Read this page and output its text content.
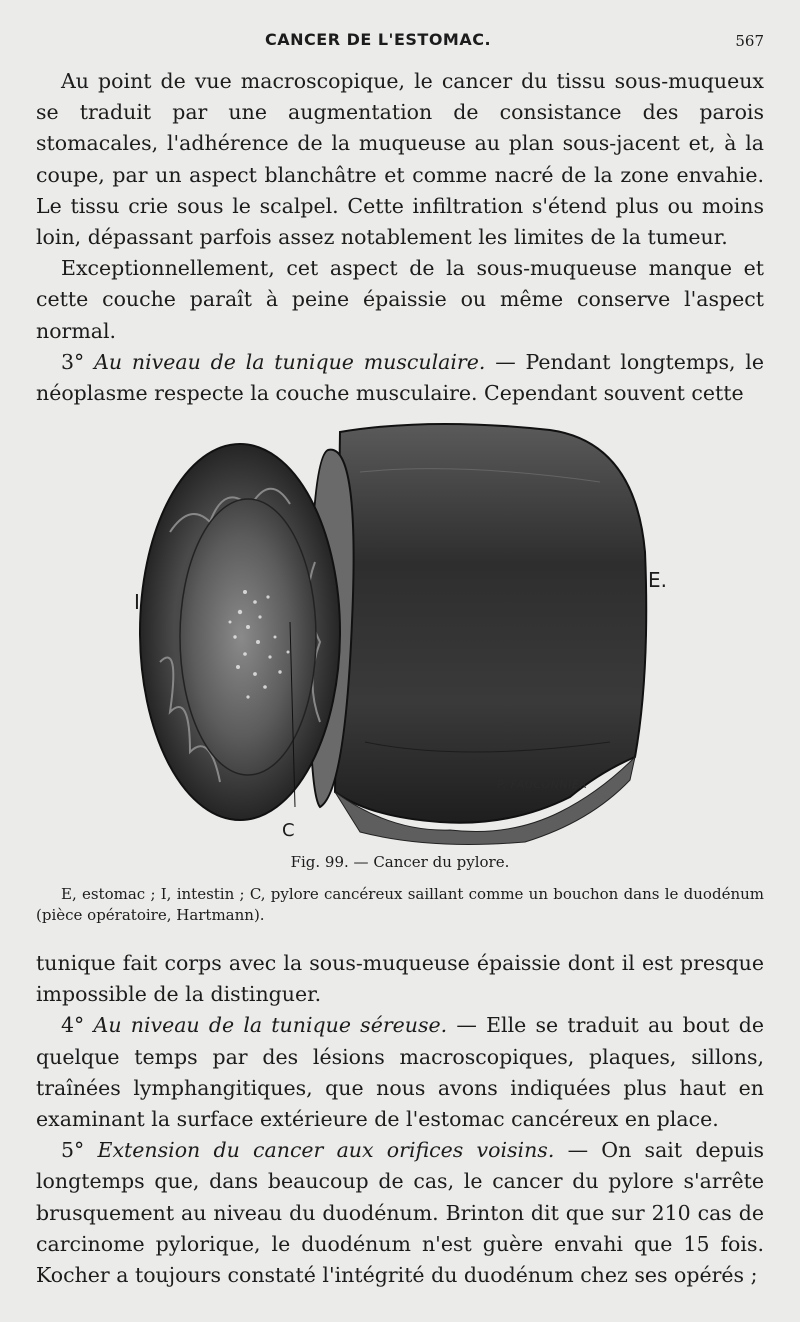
CANCER DE L'ESTOMAC.	567

Au point de vue macroscopique, le cancer du tissu sous-muqueux se traduit par une augmentation de consistance des parois stomacales, l'adhérence de la muqueuse au plan sous-jacent et, à la coupe, par un aspect blanchâtre et comme nacré de la zone envahie. Le tissu crie sous le scalpel. Cette infiltration s'étend plus ou moins loin, dépassant parfois assez notablement les limites de la tumeur.

Exceptionnellement, cet aspect de la sous-muqueuse manque et cette couche paraît à peine épaissie ou même conserve l'aspect normal.

3° Au niveau de la tunique musculaire. — Pendant longtemps, le néoplasme respecte la couche musculaire. Cependant souvent cette

I
E.
C
P. FAUCONNIER
Fig. 99. — Cancer du pylore.
E, estomac ; I, intestin ; C, pylore cancéreux saillant comme un bouchon dans le duodénum (pièce opératoire, Hartmann).

tunique fait corps avec la sous-muqueuse épaissie dont il est presque impossible de la distinguer.

4° Au niveau de la tunique séreuse. — Elle se traduit au bout de quelque temps par des lésions macroscopiques, plaques, sillons, traînées lymphangitiques, que nous avons indiquées plus haut en examinant la surface extérieure de l'estomac cancéreux en place.

5° Extension du cancer aux orifices voisins. — On sait depuis longtemps que, dans beaucoup de cas, le cancer du pylore s'arrête brusquement au niveau du duodénum. Brinton dit que sur 210 cas de carcinome pylorique, le duodénum n'est guère envahi que 15 fois. Kocher a toujours constaté l'intégrité du duodénum chez ses opérés ;
